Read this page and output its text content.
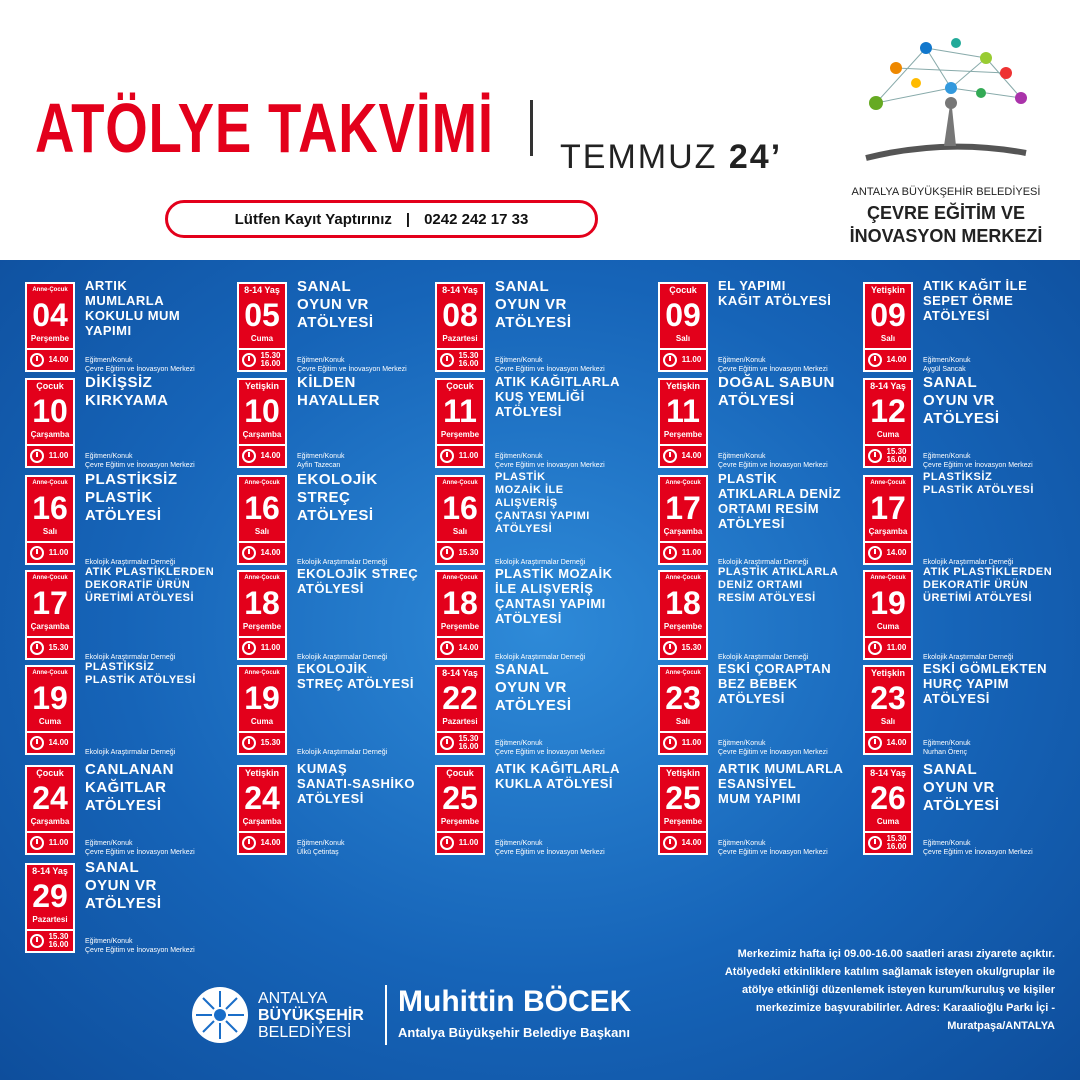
ATÖLYE TAKVİMİ TEMMUZ 24’
Lütfen Kayıt Yaptırınız | 0242 242 17 33
ANTALYA BÜYÜKŞEHİR BELEDİYESİ
ÇEVRE EĞİTİM VE
İNOVASYON MERKEZİ
Anne-Çocuk
04
Perşembe
14.00
ARTIK
MUMLARLA
KOKULU MUM
YAPIMI
Eğitmen/Konuk
Çevre Eğitim ve İnovasyon Merkezi
8-14 Yaş
05
Cuma
15.30
16.00
SANAL
OYUN VR
ATÖLYESİ
Eğitmen/Konuk
Çevre Eğitim ve İnovasyon Merkezi
8-14 Yaş
08
Pazartesi
15.30
16.00
SANAL
OYUN VR
ATÖLYESİ
Eğitmen/Konuk
Çevre Eğitim ve İnovasyon Merkezi
Çocuk
09
Salı
11.00
EL YAPIMI
KAĞIT ATÖLYESİ
Eğitmen/Konuk
Çevre Eğitim ve İnovasyon Merkezi
Yetişkin
09
Salı
14.00
ATIK KAĞIT İLE
SEPET ÖRME
ATÖLYESİ
Eğitmen/Konuk
Aygül Sancak
Çocuk
10
Çarşamba
11.00
DİKİŞSİZ
KIRKYAMA
Eğitmen/Konuk
Çevre Eğitim ve İnovasyon Merkezi
Yetişkin
10
Çarşamba
14.00
KİLDEN
HAYALLER
Eğitmen/Konuk
Ayfin Tazecan
Çocuk
11
Perşembe
11.00
ATIK KAĞITLARLA
KUŞ YEMLİĞİ
ATÖLYESİ
Eğitmen/Konuk
Çevre Eğitim ve İnovasyon Merkezi
Yetişkin
11
Perşembe
14.00
DOĞAL SABUN
ATÖLYESİ
Eğitmen/Konuk
Çevre Eğitim ve İnovasyon Merkezi
8-14 Yaş
12
Cuma
15.30
16.00
SANAL
OYUN VR
ATÖLYESİ
Eğitmen/Konuk
Çevre Eğitim ve İnovasyon Merkezi
Anne-Çocuk
16
Salı
11.00
PLASTİKSİZ
PLASTİK
ATÖLYESİ
Ekolojik Araştırmalar Derneği
Anne-Çocuk
16
Salı
14.00
EKOLOJİK
STREÇ
ATÖLYESİ
Ekolojik Araştırmalar Derneği
Anne-Çocuk
16
Salı
15.30
PLASTİK
MOZAİK İLE
ALIŞVERİŞ
ÇANTASI YAPIMI
ATÖLYESİ
Ekolojik Araştırmalar Derneği
Anne-Çocuk
17
Çarşamba
11.00
PLASTİK
ATIKLARLA DENİZ
ORTAMI RESİM
ATÖLYESİ
Ekolojik Araştırmalar Derneği
Anne-Çocuk
17
Çarşamba
14.00
PLASTİKSİZ
PLASTİK ATÖLYESİ
Ekolojik Araştırmalar Derneği
Anne-Çocuk
17
Çarşamba
15.30
ATIK PLASTİKLERDEN
DEKORATİF ÜRÜN
ÜRETİMİ ATÖLYESİ
Ekolojik Araştırmalar Derneği
Anne-Çocuk
18
Perşembe
11.00
EKOLOJİK STREÇ
ATÖLYESİ
Ekolojik Araştırmalar Derneği
Anne-Çocuk
18
Perşembe
14.00
PLASTİK MOZAİK
İLE ALIŞVERİŞ
ÇANTASI YAPIMI
ATÖLYESİ
Ekolojik Araştırmalar Derneği
Anne-Çocuk
18
Perşembe
15.30
PLASTİK ATIKLARLA
DENİZ ORTAMI
RESİM ATÖLYESİ
Ekolojik Araştırmalar Derneği
Anne-Çocuk
19
Cuma
11.00
ATIK PLASTİKLERDEN
DEKORATİF ÜRÜN
ÜRETİMİ ATÖLYESİ
Ekolojik Araştırmalar Derneği
Anne-Çocuk
19
Cuma
14.00
PLASTİKSİZ
PLASTİK ATÖLYESİ
Ekolojik Araştırmalar Derneği
Anne-Çocuk
19
Cuma
15.30
EKOLOJİK
STREÇ ATÖLYESİ
Ekolojik Araştırmalar Derneği
8-14 Yaş
22
Pazartesi
15.30
16.00
SANAL
OYUN VR
ATÖLYESİ
Eğitmen/Konuk
Çevre Eğitim ve İnovasyon Merkezi
Anne-Çocuk
23
Salı
11.00
ESKİ ÇORAPTAN
BEZ BEBEK
ATÖLYESİ
Eğitmen/Konuk
Çevre Eğitim ve İnovasyon Merkezi
Yetişkin
23
Salı
14.00
ESKİ GÖMLEKTEN
HURÇ YAPIM
ATÖLYESİ
Eğitmen/Konuk
Nurhan Örenç
Çocuk
24
Çarşamba
11.00
CANLANAN
KAĞITLAR
ATÖLYESİ
Eğitmen/Konuk
Çevre Eğitim ve İnovasyon Merkezi
Yetişkin
24
Çarşamba
14.00
KUMAŞ
SANATI-SASHİKO
ATÖLYESİ
Eğitmen/Konuk
Ülkü Çetintaş
Çocuk
25
Perşembe
11.00
ATIK KAĞITLARLA
KUKLA ATÖLYESİ
Eğitmen/Konuk
Çevre Eğitim ve İnovasyon Merkezi
Yetişkin
25
Perşembe
14.00
ARTIK MUMLARLA
ESANSİYEL
MUM YAPIMI
Eğitmen/Konuk
Çevre Eğitim ve İnovasyon Merkezi
8-14 Yaş
26
Cuma
15.30
16.00
SANAL
OYUN VR
ATÖLYESİ
Eğitmen/Konuk
Çevre Eğitim ve İnovasyon Merkezi
8-14 Yaş
29
Pazartesi
15.30
16.00
SANAL
OYUN VR
ATÖLYESİ
Eğitmen/Konuk
Çevre Eğitim ve İnovasyon Merkezi	Merkezimiz hafta içi 09.00-16.00 saatleri arası ziyarete açıktır. Atölyedeki etkinliklere katılım sağlamak isteyen okul/gruplar ile atölye etkinliği düzenlemek isteyen kurum/kuruluş ve kişiler merkezimize başvurabilirler. Adres: Karaalioğlu Parkı İçi - Muratpaşa/ANTALYA
ANTALYA
BÜYÜKŞEHİR
BELEDİYESİ
Muhittin BÖCEK
Antalya Büyükşehir Belediye Başkanı
